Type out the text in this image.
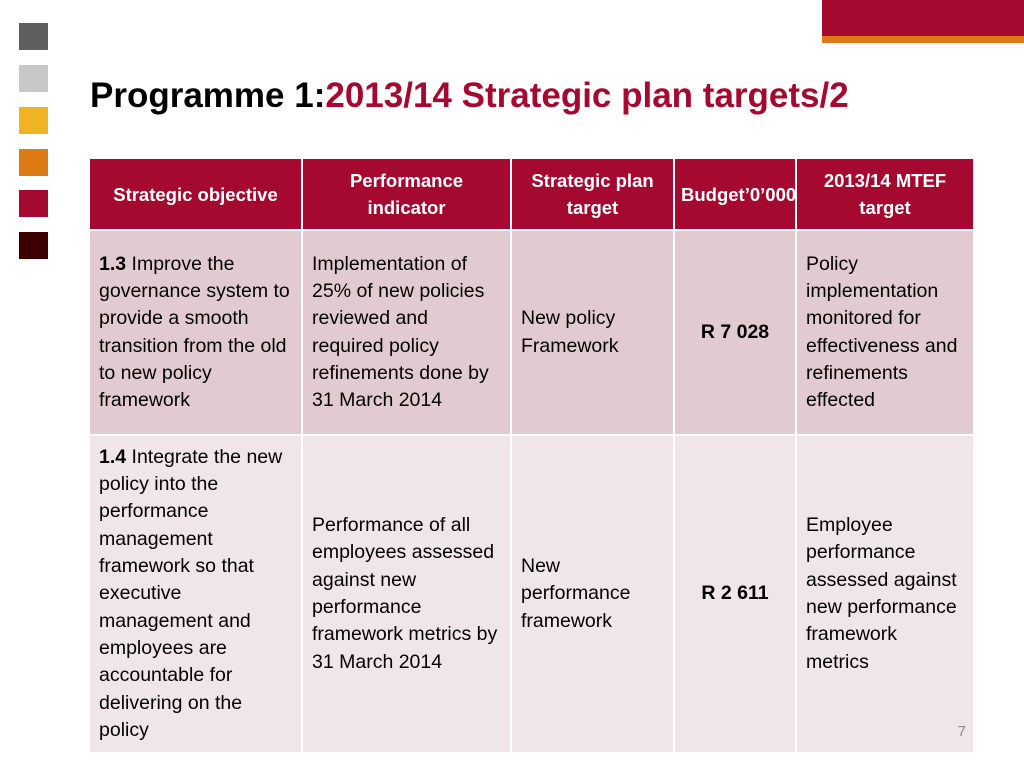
Programme 1:2013/14 Strategic plan targets/2
Strategic objective	Performance indicator	Strategic plan target	Budget’0’000	2013/14 MTEF target
1.3 Improve the governance system to provide a smooth transition from the old to new policy framework	Implementation of 25% of new policies reviewed and required policy refinements done by 31 March 2014	New policy Framework	R 7 028	Policy implementation monitored for effectiveness and refinements effected
1.4 Integrate the new policy into the performance management framework so that executive management and employees are accountable for delivering on the policy	Performance of all employees assessed against new performance framework metrics by 31 March 2014	New performance framework	R 2 611	Employee performance assessed against new performance framework metrics
7
